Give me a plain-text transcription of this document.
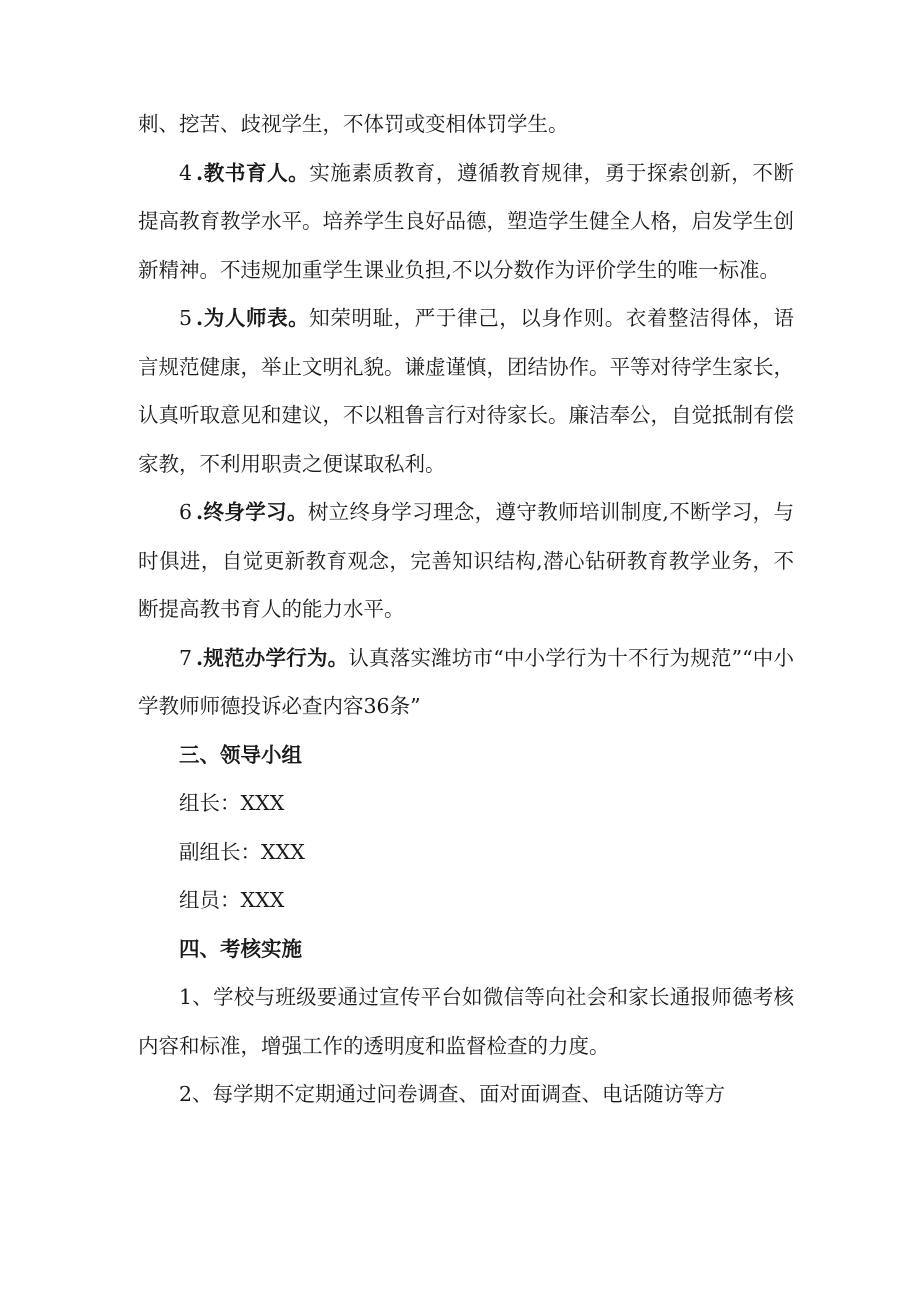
刺、挖苦、歧视学生，不体罚或变相体罚学生。

4 .教书育人。实施素质教育，遵循教育规律，勇于探索创新，不断提高教育教学水平。培养学生良好品德，塑造学生健全人格，启发学生创新精神。不违规加重学生课业负担,不以分数作为评价学生的唯一标准。

5 .为人师表。知荣明耻，严于律己，以身作则。衣着整洁得体，语言规范健康，举止文明礼貌。谦虚谨慎，团结协作。平等对待学生家长，认真听取意见和建议，不以粗鲁言行对待家长。廉洁奉公，自觉抵制有偿家教，不利用职责之便谋取私利。

6 .终身学习。树立终身学习理念，遵守教师培训制度,不断学习，与时俱进，自觉更新教育观念，完善知识结构,潜心钻研教育教学业务，不断提高教书育人的能力水平。

7 .规范办学行为。认真落实潍坊市“中小学行为十不行为规范”“中小学教师师德投诉必查内容36条”

三、领导小组

组长：XXX

副组长：XXX

组员：XXX

四、考核实施

1、学校与班级要通过宣传平台如微信等向社会和家长通报师德考核内容和标准，增强工作的透明度和监督检查的力度。

2、每学期不定期通过问卷调查、面对面调查、电话随访等方
